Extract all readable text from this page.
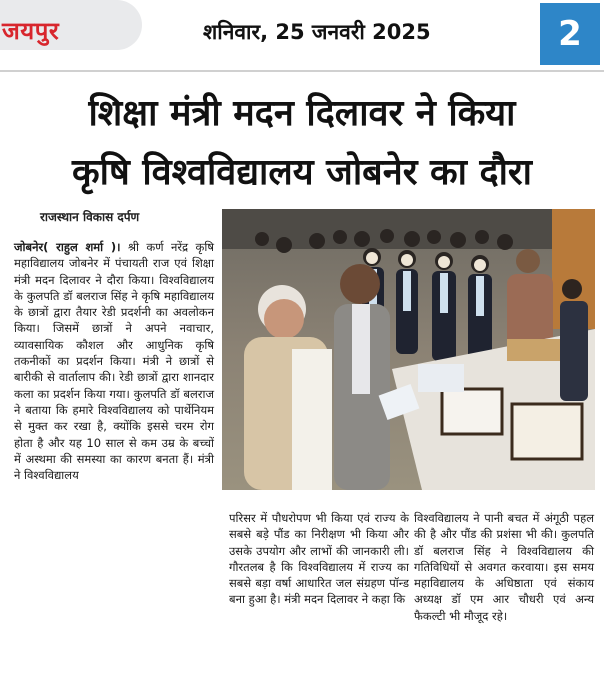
जयपुर	शनिवार, 25 जनवरी 2025	2
शिक्षा मंत्री मदन दिलावर ने किया
कृषि विश्वविद्यालय जोबनेर का दौरा
राजस्थान विकास दर्पण
जोबनेर( राहुल शर्मा )। श्री कर्ण नरेंद्र कृषि महाविद्यालय जोबनेर में पंचायती राज एवं शिक्षा मंत्री मदन दिलावर ने दौरा किया। विश्वविद्यालय के कुलपति डॉ बलराज सिंह ने कृषि महाविद्यालय के छात्रों द्वारा तैयार रेडी प्रदर्शनी का अवलोकन किया। जिसमें छात्रों ने अपने नवाचार, व्यावसायिक कौशल और आधुनिक कृषि तकनीकों का प्रदर्शन किया। मंत्री ने छात्रों से बारीकी से वार्तालाप की। रेडी छात्रों द्वारा शानदार कला का प्रदर्शन किया गया। कुलपति डॉ बलराज ने बताया कि हमारे विश्वविद्यालय को पार्थेनियम से मुक्त कर रखा है, क्योंकि इससे चरम रोग होता है और यह 10 साल से कम उम्र के बच्चों में अस्थमा की समस्या का कारण बनता हैं। मंत्री ने विश्वविद्यालय
परिसर में पौधरोपण भी किया एवं राज्य के सबसे बड़े पौंड का निरीक्षण भी किया और उसके उपयोग और लाभों की जानकारी ली। गौरतलब है कि विश्वविद्यालय में राज्य का सबसे बड़ा वर्षा आधारित जल संग्रहण पॉन्ड बना हुआ है। मंत्री मदन दिलावर ने कहा कि
विश्वविद्यालय ने पानी बचत में अंगूठी पहल की है और पौंड की प्रशंसा भी की। कुलपति डॉ बलराज सिंह ने विश्वविद्यालय की गतिविधियों से अवगत करवाया। इस समय महाविद्यालय के अधिष्ठाता एवं संकाय अध्यक्ष डॉ एम आर चौधरी एवं अन्य फैकल्टी भी मौजूद रहे।
